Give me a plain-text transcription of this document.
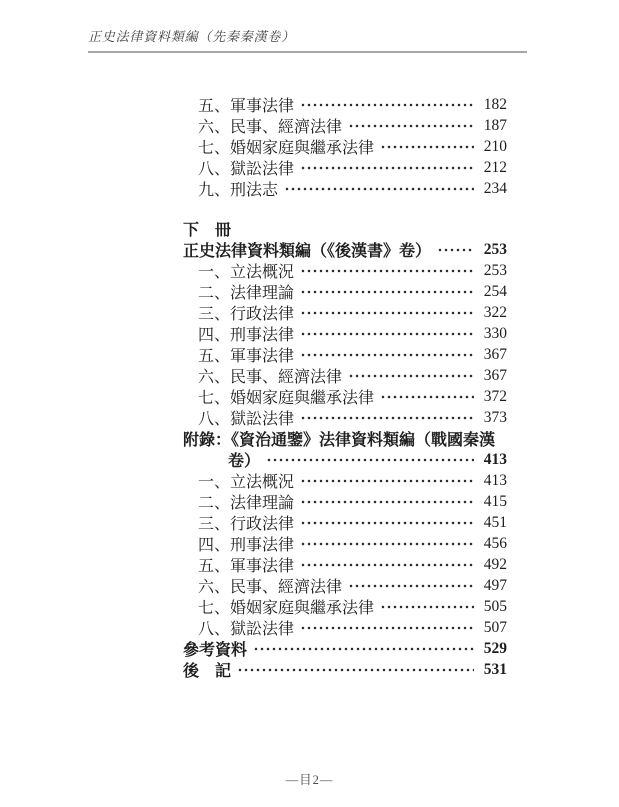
正史法律資料類編（先秦秦漢卷）
五、軍事法律	182
六、民事、經濟法律	187
七、婚姻家庭與繼承法律	210
八、獄訟法律	212
九、刑法志	234
下　冊
正史法律資料類編（《後漢書》卷）	253
一、立法概況	253
二、法律理論	254
三、行政法律	322
四、刑事法律	330
五、軍事法律	367
六、民事、經濟法律	367
七、婚姻家庭與繼承法律	372
八、獄訟法律	373
附錄：《資治通鑒》法律資料類編（戰國秦漢
卷）	413
一、立法概況	413
二、法律理論	415
三、行政法律	451
四、刑事法律	456
五、軍事法律	492
六、民事、經濟法律	497
七、婚姻家庭與繼承法律	505
八、獄訟法律	507
參考資料	529
後　記	531
—目2—
